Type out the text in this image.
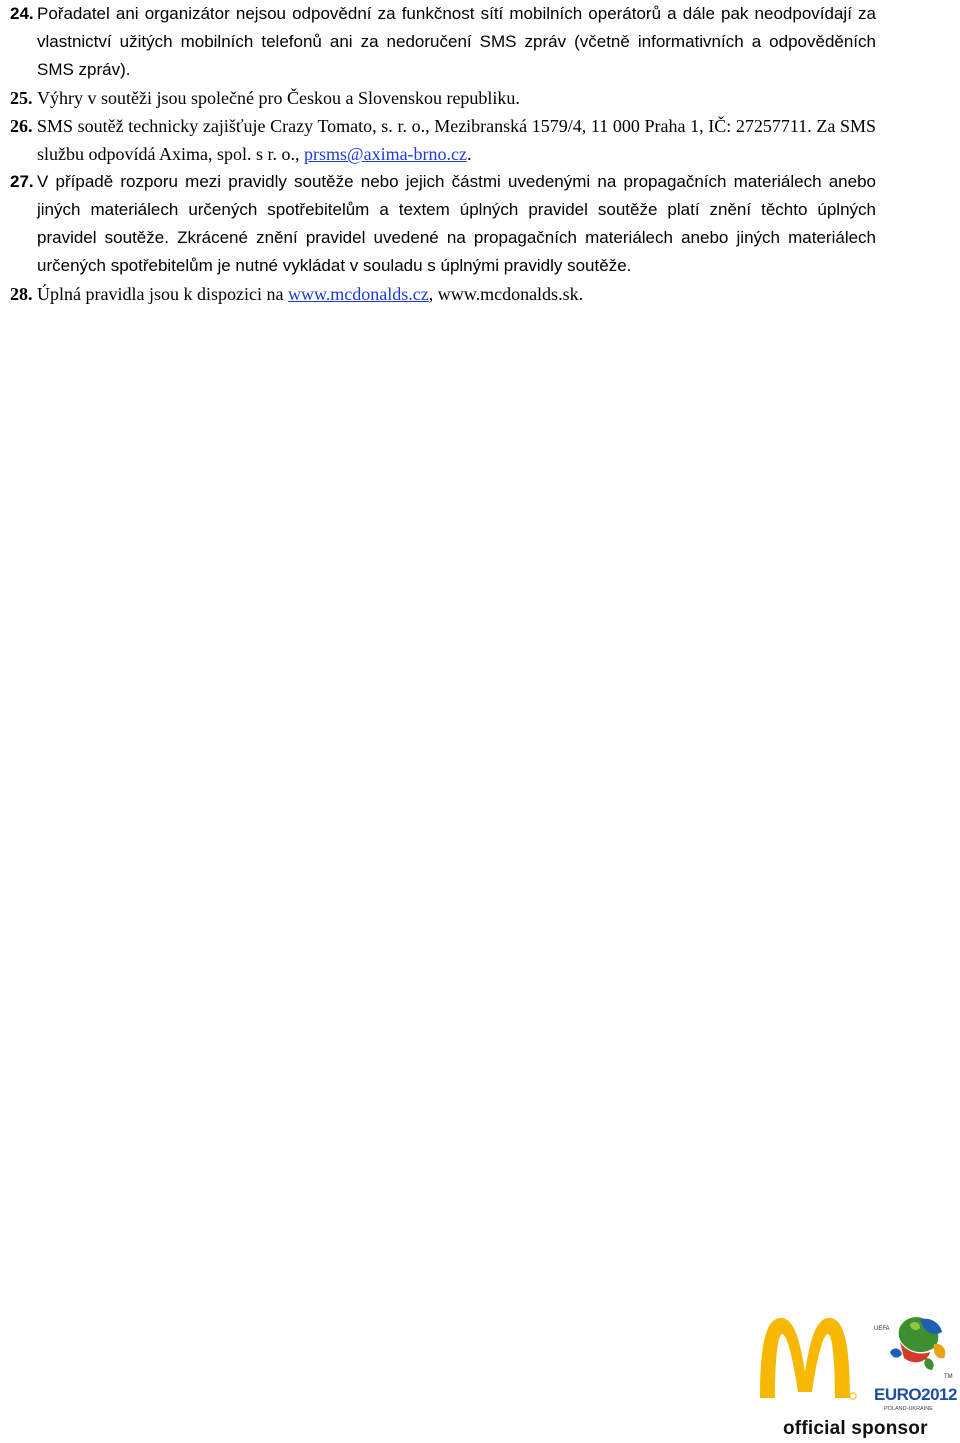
24. Pořadatel ani organizátor nejsou odpovědní za funkčnost sítí mobilních operátorů a dále pak neodpovídají za vlastnictví užitých mobilních telefonů ani za nedoručení SMS zpráv (včetně informativních a odpověděních SMS zpráv).

25. Výhry v soutěži jsou společné pro Českou a Slovenskou republiku.

26. SMS soutěž technicky zajišťuje Crazy Tomato, s. r. o., Mezibranská 1579/4, 11 000 Praha 1, IČ: 27257711. Za SMS službu odpovídá Axima, spol. s r. o., prsms@axima-brno.cz.

27. V případě rozporu mezi pravidly soutěže nebo jejich částmi uvedenými na propagačních materiálech anebo jiných materiálech určených spotřebitelům a textem úplných pravidel soutěže platí znění těchto úplných pravidel soutěže. Zkrácené znění pravidel uvedené na propagačních materiálech anebo jiných materiálech určených spotřebitelům je nutné vykládat v souladu s úplnými pravidly soutěže.

28. Úplná pravidla jsou k dispozici na www.mcdonalds.cz, www.mcdonalds.sk.

UEFA
TM
EURO2012
POLAND-UKRAINE
official sponsor
